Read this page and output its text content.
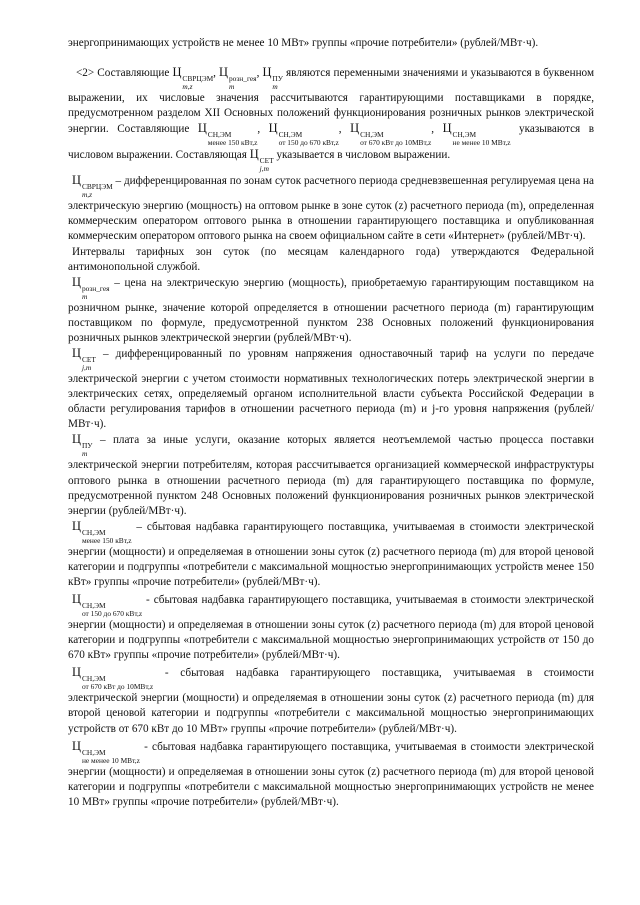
энергопринимающих устройств не менее 10 МВт» группы «прочие потребители» (рублей/МВт·ч).

<2> Составляющие Ц СВРЦЭМ
m,z
, Ц розн_гея
m
, Ц ПУ
m
являются переменными значениями и указываются в буквенном выражении, их числовые значения рассчитываются гарантирующими поставщиками в порядке, предусмотренном разделом XII Основных положений функционирования розничных рынков электрической энергии. Составляющие Ц СН,ЭМ
менее 150 кВт,z
, Ц СН,ЭМ
от 150 до 670 кВт,z
, Ц СН,ЭМ
от 670 кВт до 10МВт,z
, Ц СН,ЭМ
не менее 10 МВт,z
указываются в числовом выражении. Составляющая Ц СЕТ
j,m
указывается в числовом выражении.

Ц СВРЦЭМ
m,z
– дифференцированная по зонам суток расчетного периода средневзвешенная регулируемая цена на электрическую энергию (мощность) на оптовом рынке в зоне суток (z) расчетного периода (m), определенная коммерческим оператором оптового рынка в отношении гарантирующего поставщика и опубликованная коммерческим оператором оптового рынка на своем официальном сайте в сети «Интернет» (рублей/МВт·ч).

Интервалы тарифных зон суток (по месяцам календарного года) утверждаются Федеральной антимонопольной службой.

Ц розн_гея
m
– цена на электрическую энергию (мощность), приобретаемую гарантирующим поставщиком на розничном рынке, значение которой определяется в отношении расчетного периода (m) гарантирующим поставщиком по формуле, предусмотренной пунктом 238 Основных положений функционирования розничных рынков электрической энергии (рублей/МВт·ч).

Ц СЕТ
j,m
– дифференцированный по уровням напряжения одноставочный тариф на услуги по передаче электрической энергии с учетом стоимости нормативных технологических потерь электрической энергии в электрических сетях, определяемый органом исполнительной власти субъекта Российской Федерации в области регулирования тарифов в отношении расчетного периода (m) и j-го уровня напряжения (рублей/МВт·ч).

Ц ПУ
m
– плата за иные услуги, оказание которых является неотъемлемой частью процесса поставки электрической энергии потребителям, которая рассчитывается организацией коммерческой инфраструктуры оптового рынка в отношении расчетного периода (m) для гарантирующего поставщика по формуле, предусмотренной пунктом 248 Основных положений функционирования розничных рынков электрической энергии (рублей/МВт·ч).

Ц СН,ЭМ
менее 150 кВт,z
– сбытовая надбавка гарантирующего поставщика, учитываемая в стоимости электрической энергии (мощности) и определяемая в отношении зоны суток (z) расчетного периода (m) для второй ценовой категории и подгруппы «потребители с максимальной мощностью энергопринимающих устройств менее 150 кВт» группы «прочие потребители» (рублей/МВт·ч).

Ц СН,ЭМ
от 150 до 670 кВт,z
- сбытовая надбавка гарантирующего поставщика, учитываемая в стоимости электрической энергии (мощности) и определяемая в отношении зоны суток (z) расчетного периода (m) для второй ценовой категории и подгруппы «потребители с максимальной мощностью энергопринимающих устройств от 150 до 670 кВт» группы «прочие потребители» (рублей/МВт·ч).

Ц СН,ЭМ
от 670 кВт до 10МВт,z
- сбытовая надбавка гарантирующего поставщика, учитываемая в стоимости электрической энергии (мощности) и определяемая в отношении зоны суток (z) расчетного периода (m) для второй ценовой категории и подгруппы «потребители с максимальной мощностью энергопринимающих устройств от 670 кВт до 10 МВт» группы «прочие потребители» (рублей/МВт·ч).

Ц СН,ЭМ
не менее 10 МВт,z
- сбытовая надбавка гарантирующего поставщика, учитываемая в стоимости электрической энергии (мощности) и определяемая в отношении зоны суток (z) расчетного периода (m) для второй ценовой категории и подгруппы «потребители с максимальной мощностью энергопринимающих устройств не менее 10 МВт» группы «прочие потребители» (рублей/МВт·ч).
